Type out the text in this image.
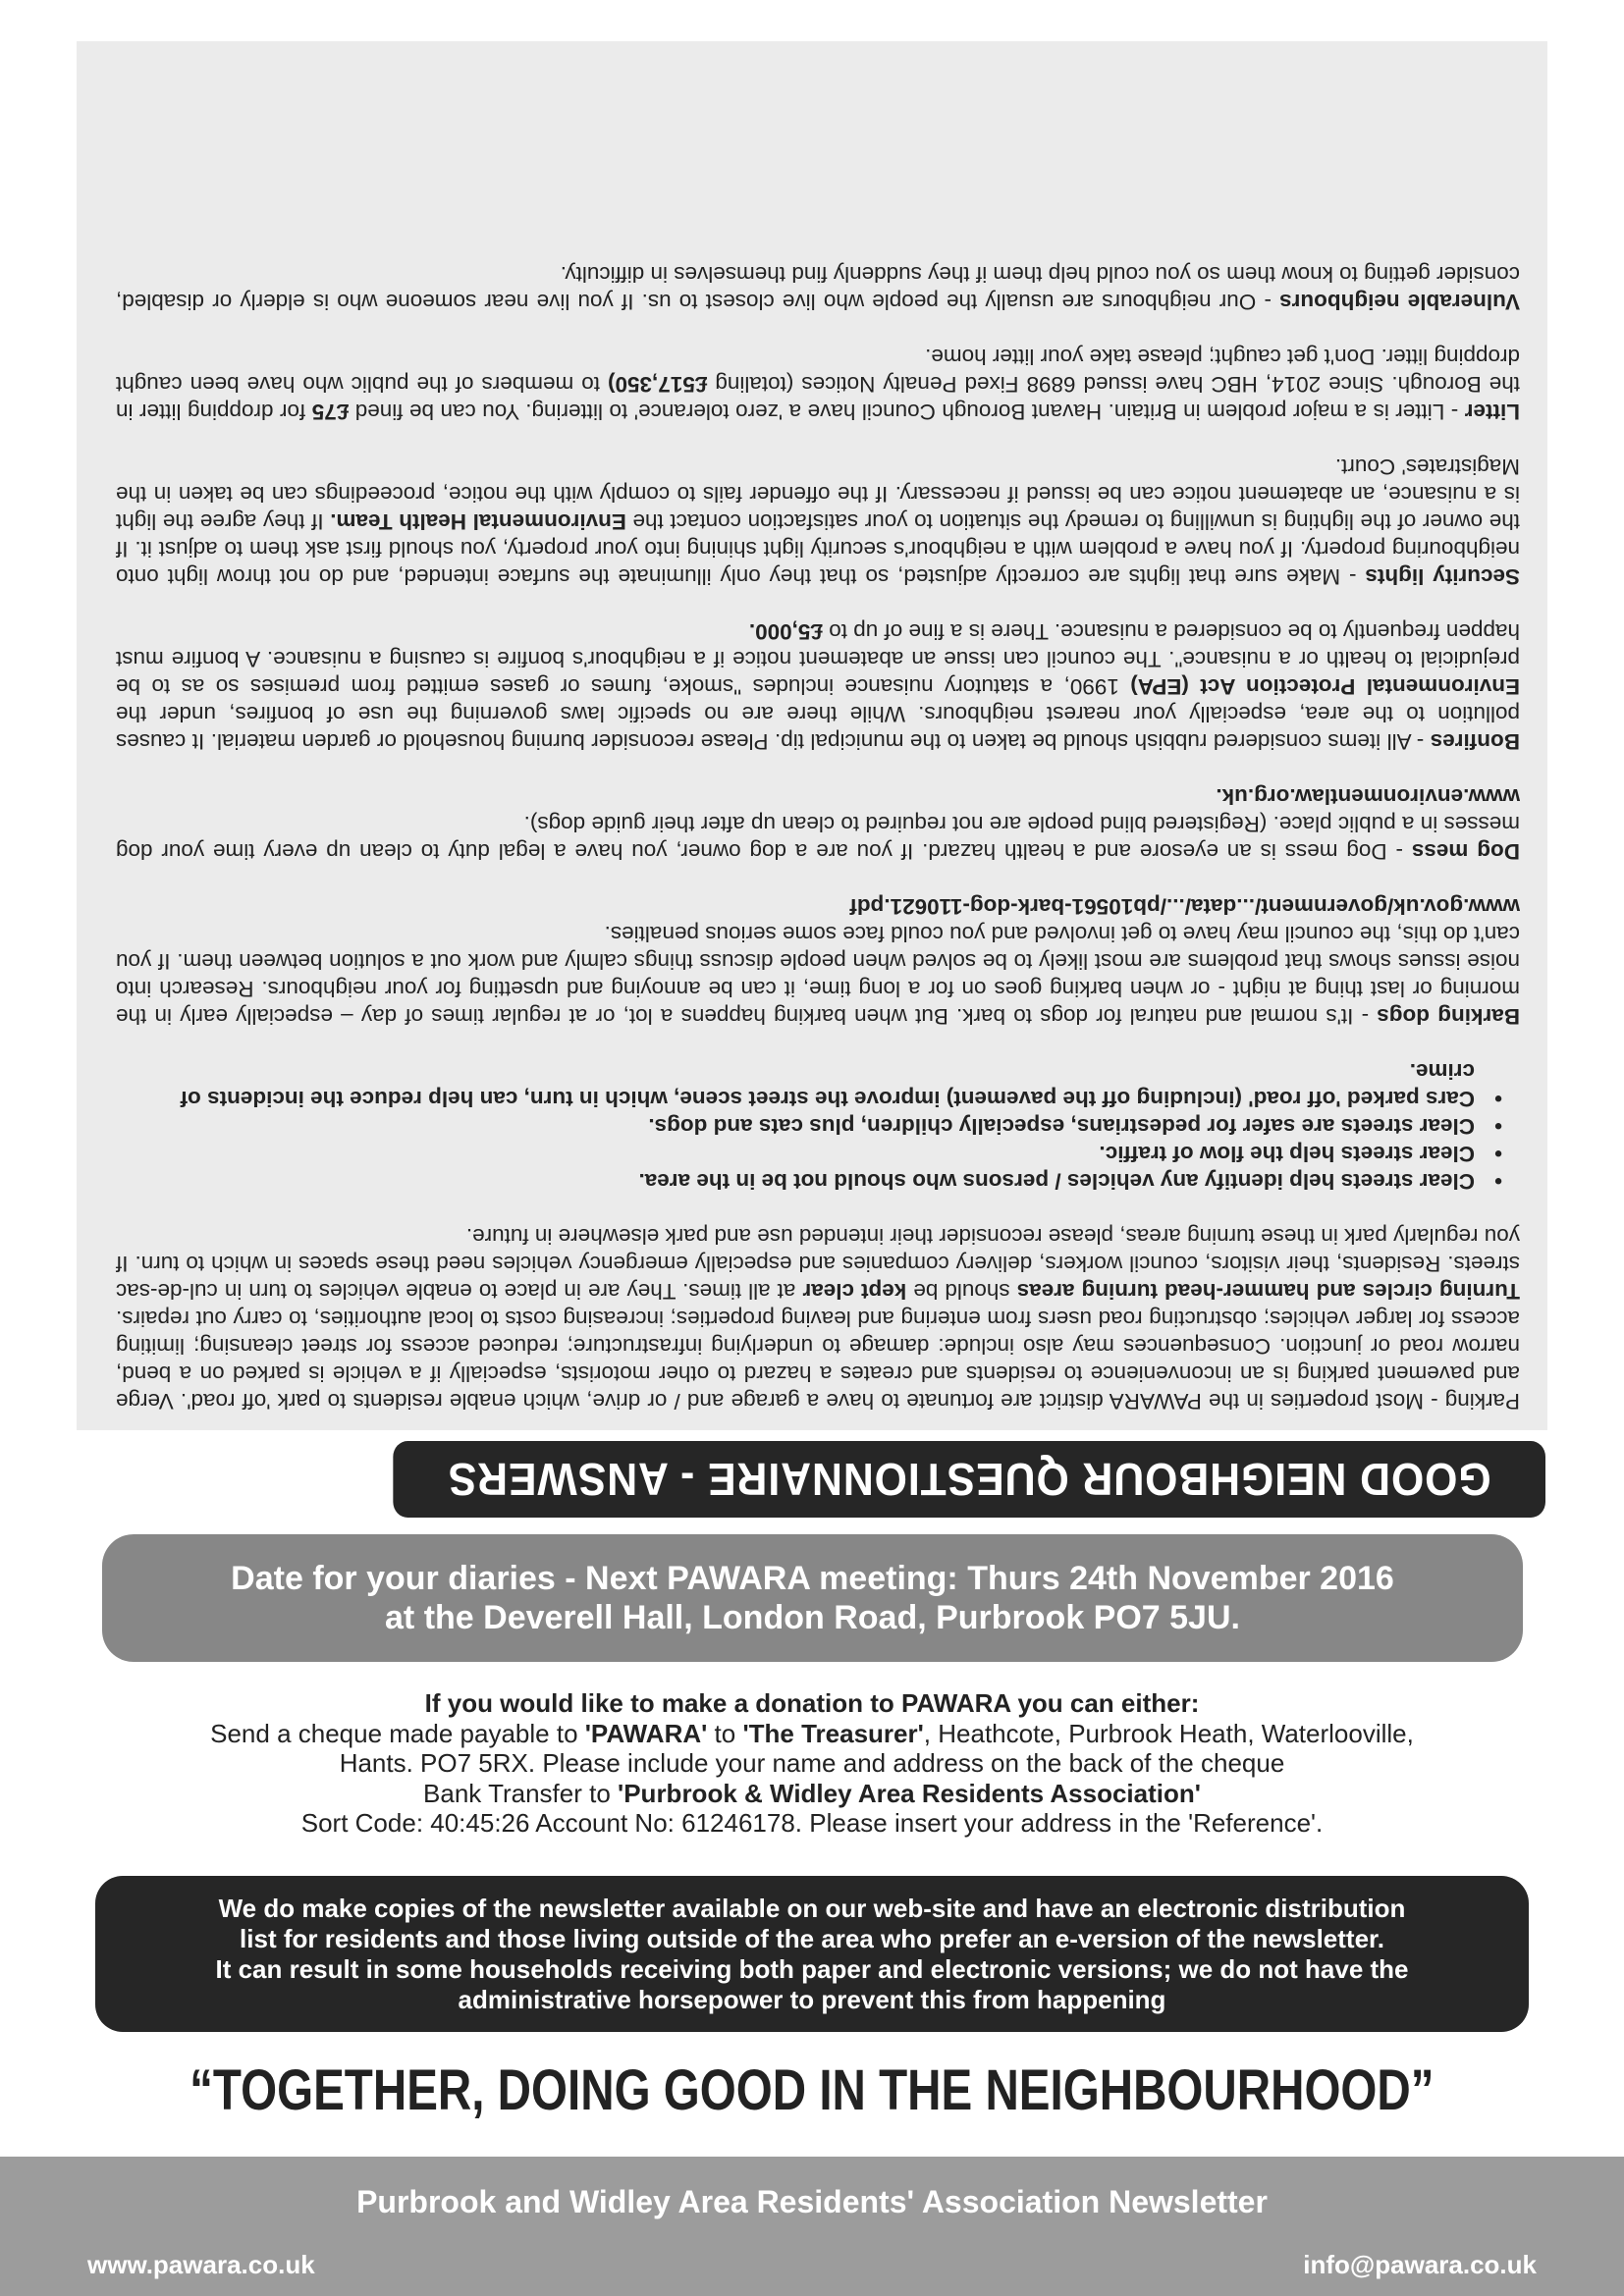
GOOD NEIGHBOUR QUESTIONNAIRE - ANSWERS

Parking - Most properties in the PAWARA district are fortunate to have a garage and / or drive, which enable residents to park 'off road'. Verge and pavement parking is an inconvenience to residents and creates a hazard to other motorists, especially if a vehicle is parked on a bend, narrow road or junction. Consequences may also include: damage to underlying infrastructure; reduced access for street cleansing; limiting access for larger vehicles; obstructing road users from entering and leaving properties; increasing costs to local authorities, to carry out repairs. Turning circles and hammer-head turning areas should be kept clear at all times. They are in place to enable vehicles to turn in cul-de-sac streets. Residents, their visitors, council workers, delivery companies and especially emergency vehicles need these spaces in which to turn. If you regularly park in these turning areas, please reconsider their intended use and park elsewhere in future.

• Clear streets help identify any vehicles / persons who should not be in the area.
• Clear streets help the flow of traffic.
• Clear streets are safer for pedestrians, especially children, plus cats and dogs.
• Cars parked 'off road' (including off the pavement) improve the street scene, which in turn, can help reduce the incidents of crime.

Barking dogs - It's normal and natural for dogs to bark. But when barking happens a lot, or at regular times of day – especially early in the morning or last thing at night - or when barking goes on for a long time, it can be annoying and upsetting for your neighbours. Research into noise issues shows that problems are most likely to be solved when people discuss things calmly and work out a solution between them. If you can't do this, the council may have to get involved and you could face some serious penalties.
www.gov.uk/government/...data/.../pb10561-bark-dog-110621.pdf

Dog mess - Dog mess is an eyesore and a health hazard. If you are a dog owner, you have a legal duty to clean up every time your dog messes in a public place. (Registered blind people are not required to clean up after their guide dogs).
www.environmentlaw.org.uk.

Bonfires - All items considered rubbish should be taken to the municipal tip. Please reconsider burning household or garden material. It causes pollution to the area, especially your nearest neighbours. While there are no specific laws governing the use of bonfires, under the Environmental Protection Act (EPA) 1990, a statutory nuisance includes "smoke, fumes or gases emitted from premises so as to be prejudicial to health or a nuisance". The council can issue an abatement notice if a neighbour's bonfire is causing a nuisance. A bonfire must happen frequently to be considered a nuisance. There is a fine of up to £5,000.

Security lights - Make sure that lights are correctly adjusted, so that they only illuminate the surface intended, and do not throw light onto neighbouring property. If you have a problem with a neighbour's security light shining into your property, you should first ask them to adjust it. If the owner of the lighting is unwilling to remedy the situation to your satisfaction contact the Environmental Health Team. If they agree the light is a nuisance, an abatement notice can be issued if necessary. If the offender fails to comply with the notice, proceedings can be taken in the Magistrates' Court.

Litter - Litter is a major problem in Britain. Havant Borough Council have a 'zero tolerance' to littering. You can be fined £75 for dropping litter in the Borough. Since 2014, HBC have issued 6898 Fixed Penalty Notices (totaling £517,350) to members of the public who have been caught dropping litter. Don't get caught; please take your litter home.

Vulnerable neighbours - Our neighbours are usually the people who live closest to us. If you live near someone who is elderly or disabled, consider getting to know them so you could help them if they suddenly find themselves in difficulty.

Date for your diaries - Next PAWARA meeting: Thurs 24th November 2016
at the Deverell Hall, London Road, Purbrook PO7 5JU.
If you would like to make a donation to PAWARA you can either:
Send a cheque made payable to 'PAWARA' to 'The Treasurer', Heathcote, Purbrook Heath, Waterlooville,
Hants. PO7 5RX. Please include your name and address on the back of the cheque
Bank Transfer to 'Purbrook & Widley Area Residents Association'
Sort Code: 40:45:26 Account No: 61246178. Please insert your address in the 'Reference'.
We do make copies of the newsletter available on our web-site and have an electronic distribution
list for residents and those living outside of the area who prefer an e-version of the newsletter.
It can result in some households receiving both paper and electronic versions; we do not have the
administrative horsepower to prevent this from happening
“TOGETHER, DOING GOOD IN THE NEIGHBOURHOOD”
Purbrook and Widley Area Residents' Association Newsletter
www.pawara.co.uk	info@pawara.co.uk
